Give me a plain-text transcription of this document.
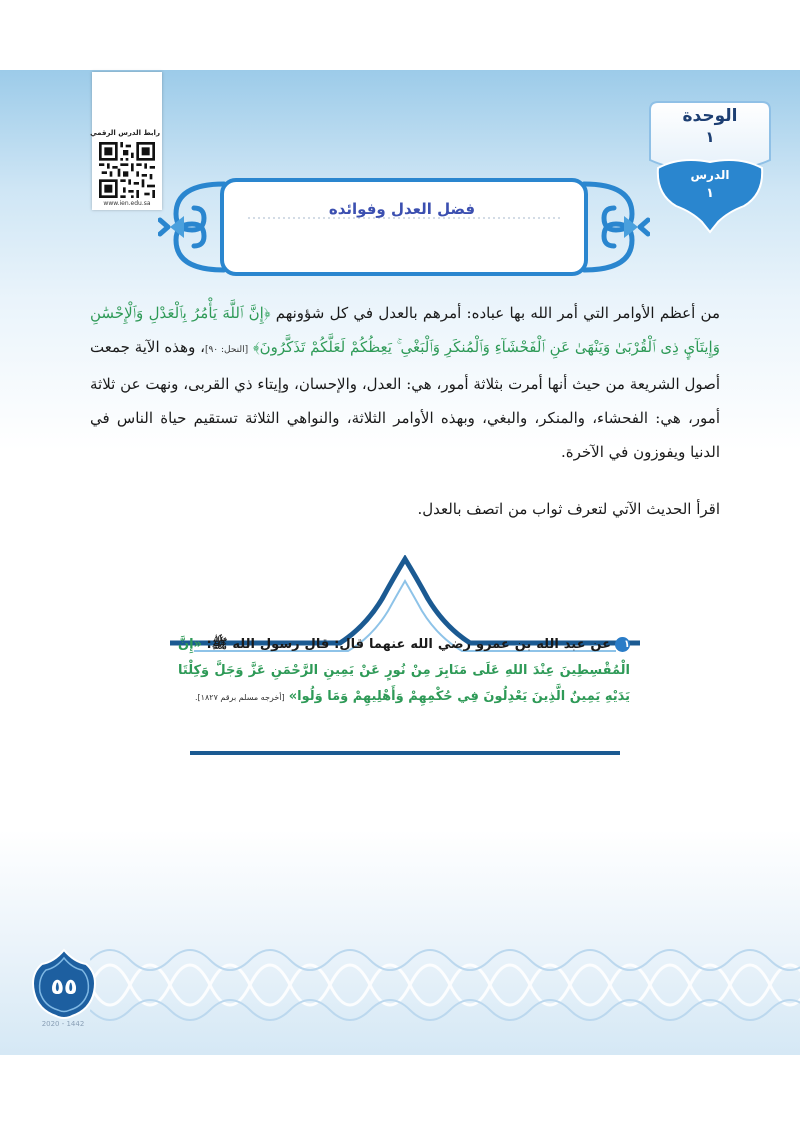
رابط الدرس الرقمي
www.ien.edu.sa
الوحدة
١
الدرس
١
فضل العدل وفوائده
من أعظم الأوامر التي أمر الله بها عباده: أمرهم بالعدل في كل شؤونهم ﴿إِنَّ ٱللَّهَ يَأْمُرُ بِٱلْعَدْلِ وَٱلْإِحْسَٰنِ وَإِيتَآيِٕ ذِى ٱلْقُرْبَىٰ وَيَنْهَىٰ عَنِ ٱلْفَحْشَآءِ وَٱلْمُنكَرِ وَٱلْبَغْىِ ۚ يَعِظُكُمْ لَعَلَّكُمْ تَذَكَّرُونَ﴾ [النحل: ٩٠]، وهذه الآية جمعت أصول الشريعة من حيث أنها أمرت بثلاثة أمور، هي: العدل، والإحسان، وإيتاء ذي القربى، ونهت عن ثلاثة أمور، هي: الفحشاء، والمنكر، والبغي، وبهذه الأوامر الثلاثة، والنواهي الثلاثة تستقيم حياة الناس في الدنيا ويفوزون في الآخرة.
اقرأ الحديث الآتي لتعرف ثواب من اتصف بالعدل.
١عن عبد الله بن عمرو رضي الله عنهما قال: قال رسول الله ﷺ: «إِنَّ الْمُقْسِطِينَ عِنْدَ اللهِ عَلَى مَنَابِرَ مِنْ نُورٍ عَنْ يَمِينِ الرَّحْمَنِ عَزَّ وَجَلَّ وَكِلْتَا يَدَيْهِ يَمِينٌ الَّذِينَ يَعْدِلُونَ فِي حُكْمِهِمْ وَأَهْلِيهِمْ وَمَا وَلُوا» [أخرجه مسلم برقم ١٨٢٧].
٥٥
2020 - 1442
